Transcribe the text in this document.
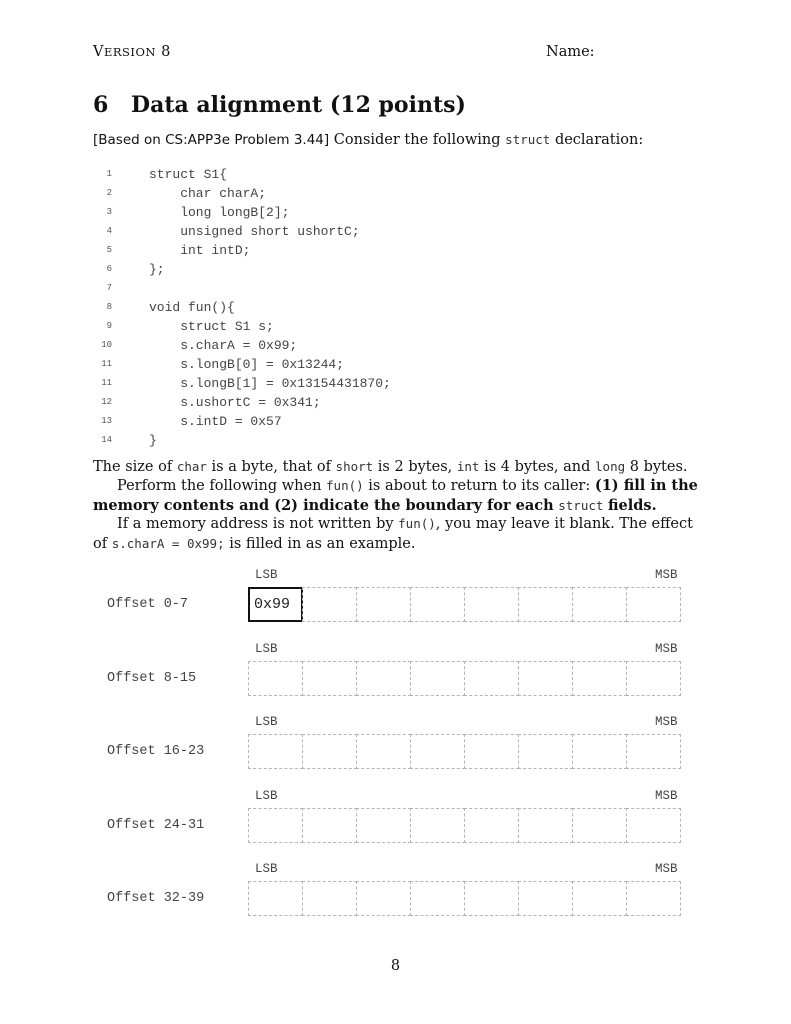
VERSION 8	Name:
6 Data alignment (12 points)
[Based on CS:APP3e Problem 3.44] Consider the following struct declaration:
1	struct S1{
2	char charA;
3	long longB[2];
4	unsigned short ushortC;
5	int intD;
6	};
7
8	void fun(){
9	struct S1 s;
10	s.charA = 0x99;
11	s.longB[0] = 0x13244;
11	s.longB[1] = 0x13154431870;
12	s.ushortC = 0x341;
13	s.intD = 0x57
14	}
The size of char is a byte, that of short is 2 bytes, int is 4 bytes, and long 8 bytes.
Perform the following when fun() is about to return to its caller: (1) fill in the memory contents and (2) indicate the boundary for each struct fields.
If a memory address is not written by fun(), you may leave it blank. The effect of s.charA = 0x99; is filled in as an example.
LSB	MSB
Offset 0-7	0x99
LSB	MSB
Offset 8-15
LSB	MSB
Offset 16-23
LSB	MSB
Offset 24-31
LSB	MSB
Offset 32-39
8
